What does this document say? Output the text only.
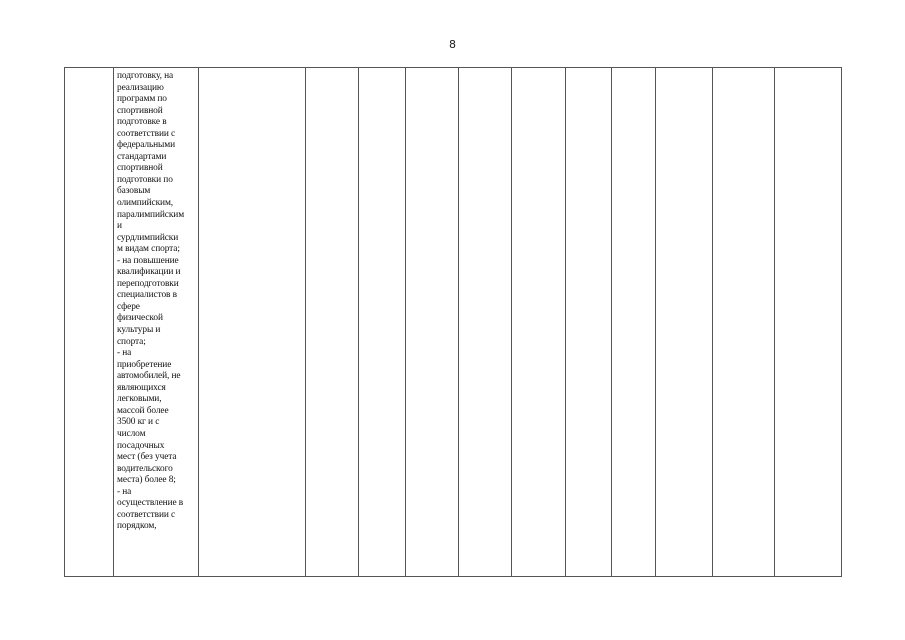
8

подготовку, на
реализацию
программ по
спортивной
подготовке в
соответствии с
федеральными
стандартами
спортивной
подготовки по
базовым
олимпийским,
паралимпийским
и
сурдлимпийски
м видам спорта;
- на повышение
квалификации и
переподготовки
специалистов в
сфере
физической
культуры и
спорта;
- на
приобретение
автомобилей, не
являющихся
легковыми,
массой более
3500 кг и с
числом
посадочных
мест (без учета
водительского
места) более 8;
- на
осуществление в
соответствии с
порядком,
